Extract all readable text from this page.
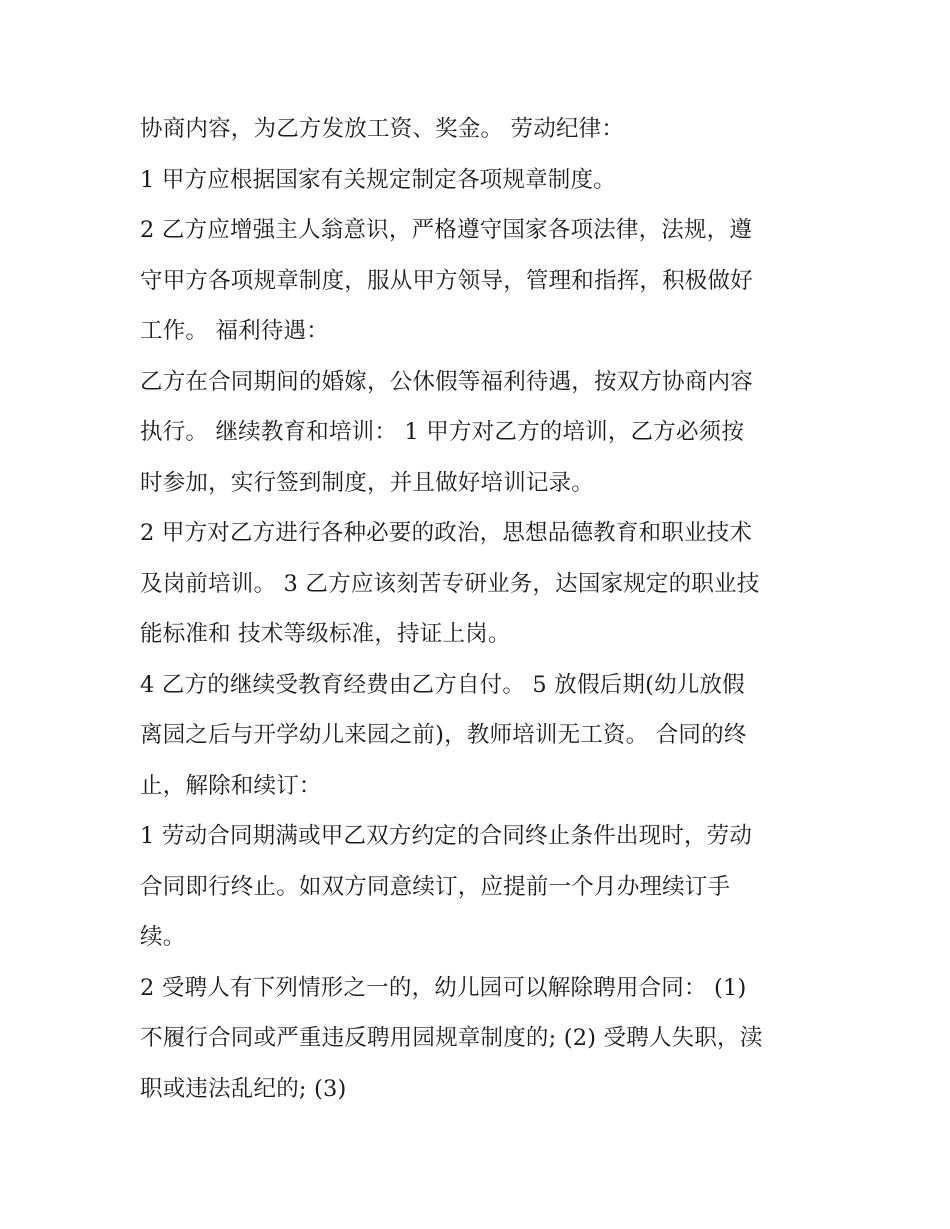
协商内容，为乙方发放工资、奖金。 劳动纪律：
1 甲方应根据国家有关规定制定各项规章制度。
2 乙方应增强主人翁意识，严格遵守国家各项法律，法规，遵
守甲方各项规章制度，服从甲方领导，管理和指挥，积极做好
工作。 福利待遇：
乙方在合同期间的婚嫁，公休假等福利待遇，按双方协商内容
执行。 继续教育和培训： 1 甲方对乙方的培训，乙方必须按
时参加，实行签到制度，并且做好培训记录。
2 甲方对乙方进行各种必要的政治，思想品德教育和职业技术
及岗前培训。 3 乙方应该刻苦专研业务，达国家规定的职业技
能标准和 技术等级标准，持证上岗。
4 乙方的继续受教育经费由乙方自付。 5 放假后期(幼儿放假
离园之后与开学幼儿来园之前)，教师培训无工资。 合同的终
止，解除和续订：
1 劳动合同期满或甲乙双方约定的合同终止条件出现时，劳动
合同即行终止。如双方同意续订，应提前一个月办理续订手
续。
2 受聘人有下列情形之一的，幼儿园可以解除聘用合同： (1)
不履行合同或严重违反聘用园规章制度的; (2) 受聘人失职，渎
职或违法乱纪的; (3)
